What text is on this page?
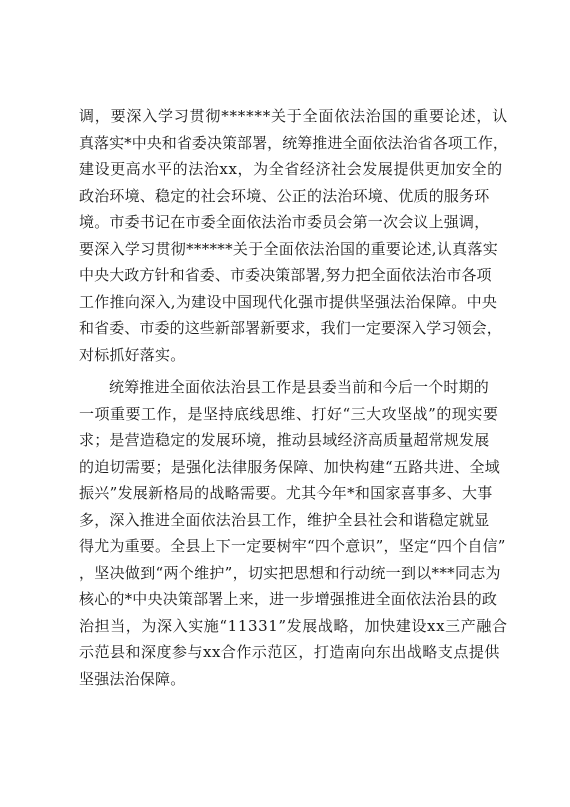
调，要深入学习贯彻******关于全面依法治国的重要论述，认
真落实*中央和省委决策部署，统筹推进全面依法治省各项工作，
建设更高水平的法治xx，为全省经济社会发展提供更加安全的
政治环境、稳定的社会环境、公正的法治环境、优质的服务环
境。市委书记在市委全面依法治市委员会第一次会议上强调，
要深入学习贯彻******关于全面依法治国的重要论述,认真落实
中央大政方针和省委、市委决策部署,努力把全面依法治市各项
工作推向深入,为建设中国现代化强市提供坚强法治保障。中央
和省委、市委的这些新部署新要求，我们一定要深入学习领会，
对标抓好落实。
统筹推进全面依法治县工作是县委当前和今后一个时期的
一项重要工作，是坚持底线思维、打好“三大攻坚战”的现实要
求；是营造稳定的发展环境，推动县域经济高质量超常规发展
的迫切需要；是强化法律服务保障、加快构建“五路共进、全域
振兴”发展新格局的战略需要。尤其今年*和国家喜事多、大事
多，深入推进全面依法治县工作，维护全县社会和谐稳定就显
得尤为重要。全县上下一定要树牢“四个意识”，坚定“四个自信”
，坚决做到“两个维护”，切实把思想和行动统一到以***同志为
核心的*中央决策部署上来，进一步增强推进全面依法治县的政
治担当，为深入实施“11331”发展战略，加快建设xx三产融合
示范县和深度参与xx合作示范区，打造南向东出战略支点提供
坚强法治保障。
